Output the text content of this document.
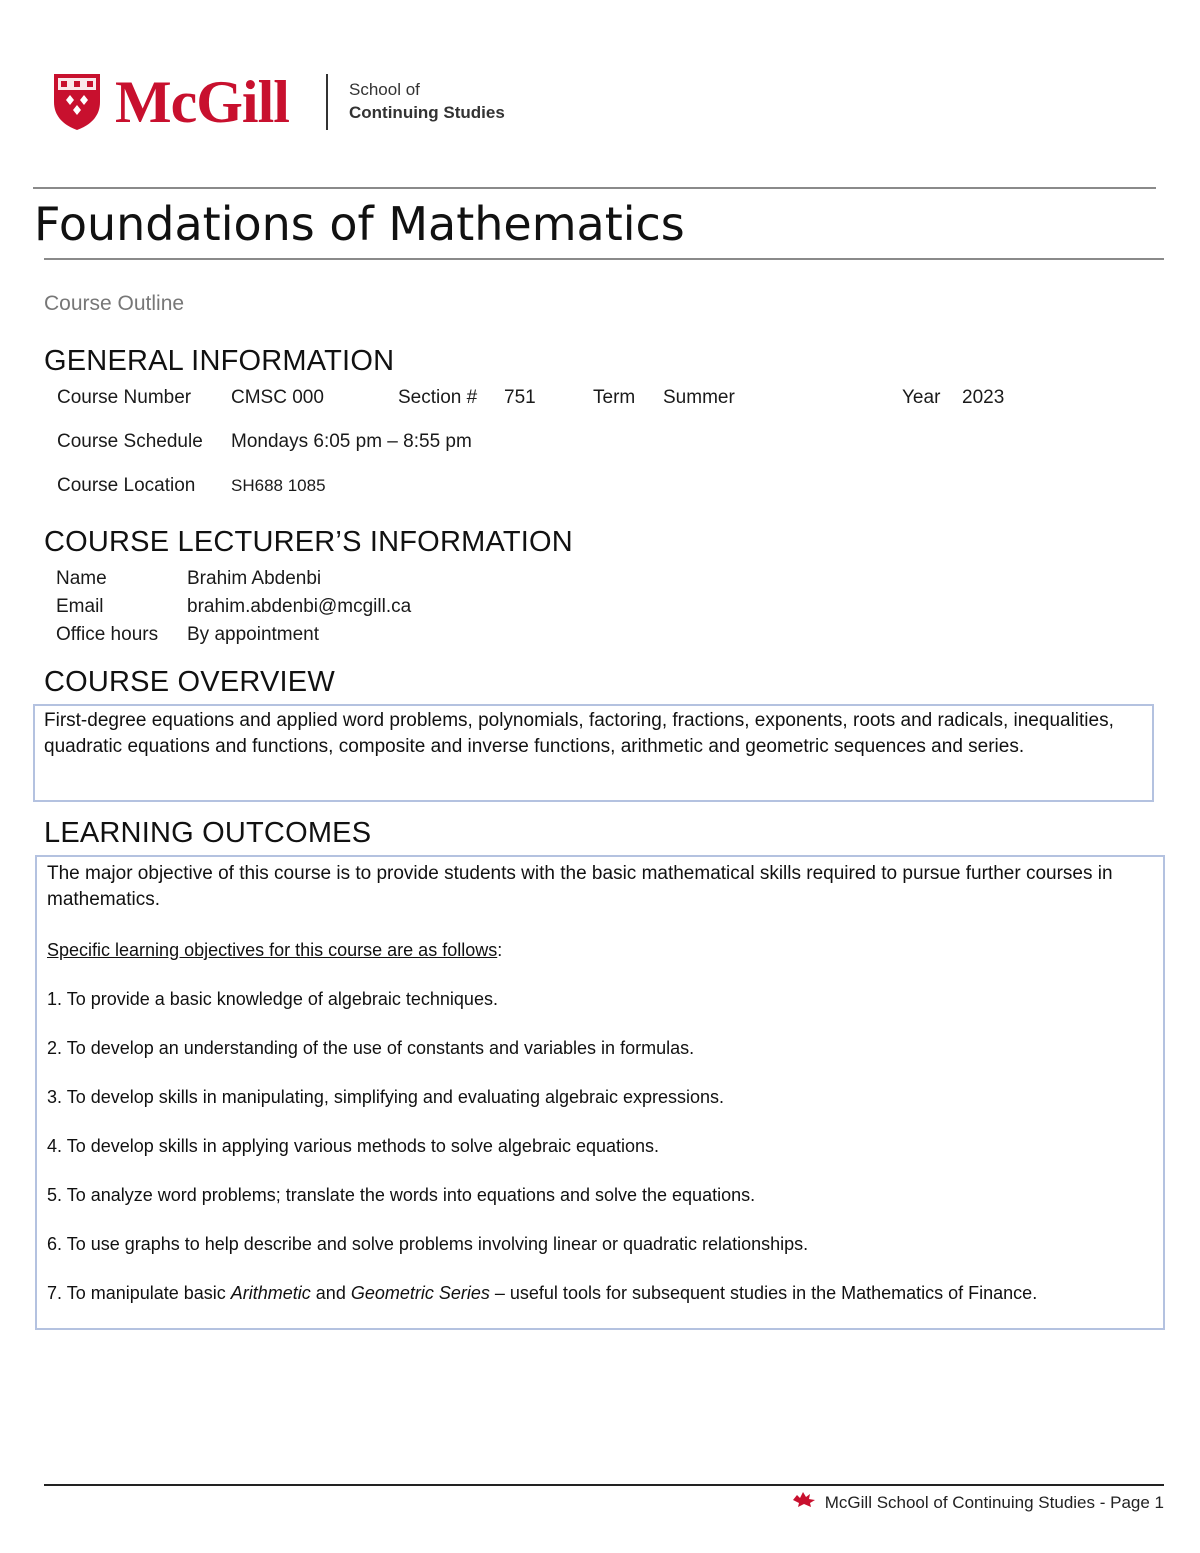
McGill	School of
Continuing Studies
Foundations of Mathematics
Course Outline
GENERAL INFORMATION
Course Number CMSC 000	Section # 751	Term Summer	Year 2023
Course Schedule Mondays 6:05 pm – 8:55 pm
Course Location SH688 1085
COURSE LECTURER’S INFORMATION
Name	Brahim Abdenbi
Email	brahim.abdenbi@mcgill.ca
Office hours By appointment
COURSE OVERVIEW

First-degree equations and applied word problems, polynomials, factoring, fractions, exponents, roots and radicals, inequalities, quadratic equations and functions, composite and inverse functions, arithmetic and geometric sequences and series.

LEARNING OUTCOMES

The major objective of this course is to provide students with the basic mathematical skills required to pursue further courses in mathematics.

Specific learning objectives for this course are as follows:

1. To provide a basic knowledge of algebraic techniques.

2. To develop an understanding of the use of constants and variables in formulas.

3. To develop skills in manipulating, simplifying and evaluating algebraic expressions.

4. To develop skills in applying various methods to solve algebraic equations.

5. To analyze word problems; translate the words into equations and solve the equations.

6. To use graphs to help describe and solve problems involving linear or quadratic relationships.

7. To manipulate basic Arithmetic and Geometric Series – useful tools for subsequent studies in the Mathematics of Finance.

McGill School of Continuing Studies - Page 1
